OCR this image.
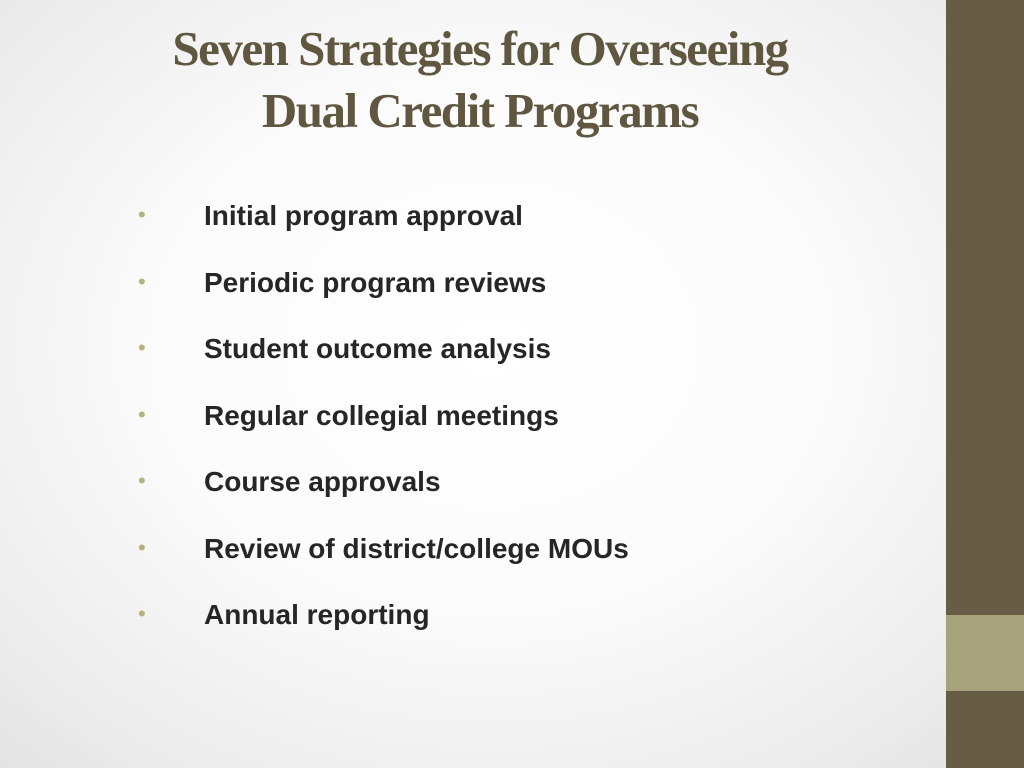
Seven Strategies for Overseeing
Dual Credit Programs
•	Initial program approval
•	Periodic program reviews
•	Student outcome analysis
•	Regular collegial meetings
•	Course approvals
•	Review of district/college MOUs
•	Annual reporting
